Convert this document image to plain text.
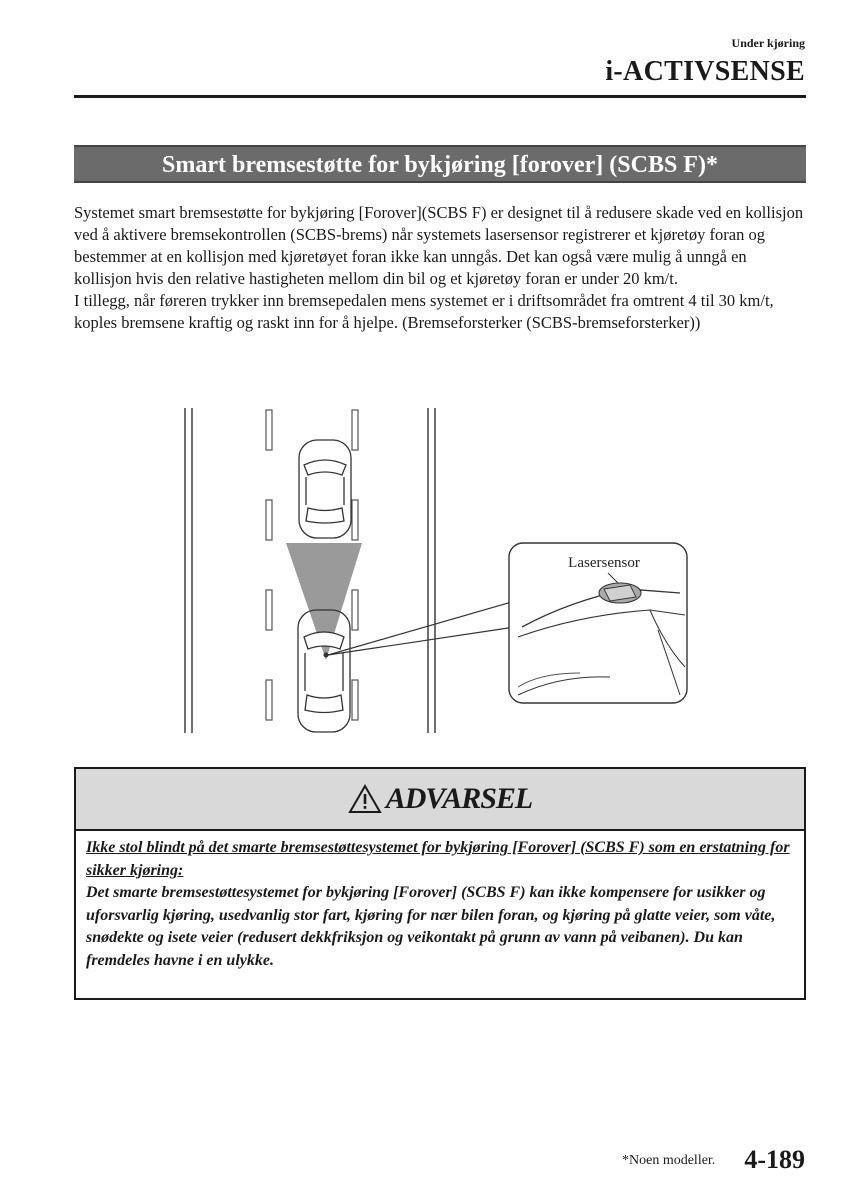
Under kjøring
i-ACTIVSENSE
Smart bremsestøtte for bykjøring [forover] (SCBS F)*

Systemet smart bremsestøtte for bykjøring [Forover](SCBS F) er designet til å redusere skade ved en kollisjon ved å aktivere bremsekontrollen (SCBS-brems) når systemets lasersensor registrerer et kjøretøy foran og bestemmer at en kollisjon med kjøretøyet foran ikke kan unngås. Det kan også være mulig å unngå en kollisjon hvis den relative hastigheten mellom din bil og et kjøretøy foran er under 20 km/t.

I tillegg, når føreren trykker inn bremsepedalen mens systemet er i driftsområdet fra omtrent 4 til 30 km/t, koples bremsene kraftig og raskt inn for å hjelpe. (Bremseforsterker (SCBS-bremseforsterker))

Lasersensor
ADVARSEL
Ikke stol blindt på det smarte bremsestøttesystemet for bykjøring [Forover] (SCBS F) som en erstatning for sikker kjøring:
Det smarte bremsestøttesystemet for bykjøring [Forover] (SCBS F) kan ikke kompensere for usikker og uforsvarlig kjøring, usedvanlig stor fart, kjøring for nær bilen foran, og kjøring på glatte veier, som våte, snødekte og isete veier (redusert dekkfriksjon og veikontakt på grunn av vann på veibanen). Du kan fremdeles havne i en ulykke.
*Noen modeller. 4-189
